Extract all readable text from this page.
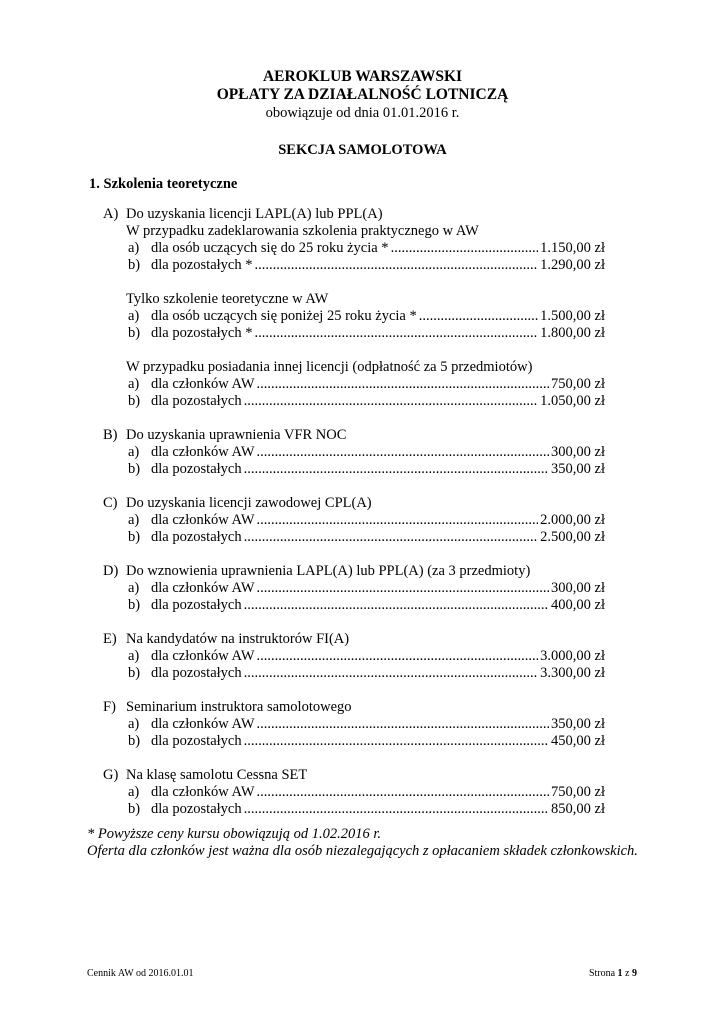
AEROKLUB WARSZAWSKI
OPŁATY ZA DZIAŁALNOŚĆ LOTNICZĄ
obowiązuje od dnia 01.01.2016 r.
SEKCJA SAMOLOTOWA
1. Szkolenia teoretyczne
A) Do uzyskania licencji LAPL(A) lub PPL(A)
W przypadku zadeklarowania szkolenia praktycznego w AW
a) dla osób uczących się do 25 roku życia * .....	1.150,00 zł
b) dla pozostałych * .....	1.290,00 zł
Tylko szkolenie teoretyczne w AW
a) dla osób uczących się poniżej 25 roku życia * .....	1.500,00 zł
b) dla pozostałych * .....	1.800,00 zł
W przypadku posiadania innej licencji (odpłatność za 5 przedmiotów)
a) dla członków AW .....	750,00 zł
b) dla pozostałych .....	1.050,00 zł
B) Do uzyskania uprawnienia VFR NOC
a) dla członków AW .....	300,00 zł
b) dla pozostałych .....	350,00 zł
C) Do uzyskania licencji zawodowej CPL(A)
a) dla członków AW .....	2.000,00 zł
b) dla pozostałych .....	2.500,00 zł
D) Do wznowienia uprawnienia LAPL(A) lub PPL(A) (za 3 przedmioty)
a) dla członków AW .....	300,00 zł
b) dla pozostałych .....	400,00 zł
E) Na kandydatów na instruktorów FI(A)
a) dla członków AW .....	3.000,00 zł
b) dla pozostałych .....	3.300,00 zł
F) Seminarium instruktora samolotowego
a) dla członków AW .....	350,00 zł
b) dla pozostałych .....	450,00 zł
G) Na klasę samolotu Cessna SET
a) dla członków AW .....	750,00 zł
b) dla pozostałych .....	850,00 zł
* Powyższe ceny kursu obowiązują od 1.02.2016 r.
Oferta dla członków jest ważna dla osób niezalegających z opłacaniem składek członkowskich.
Cennik AW od 2016.01.01	Strona 1 z 9
